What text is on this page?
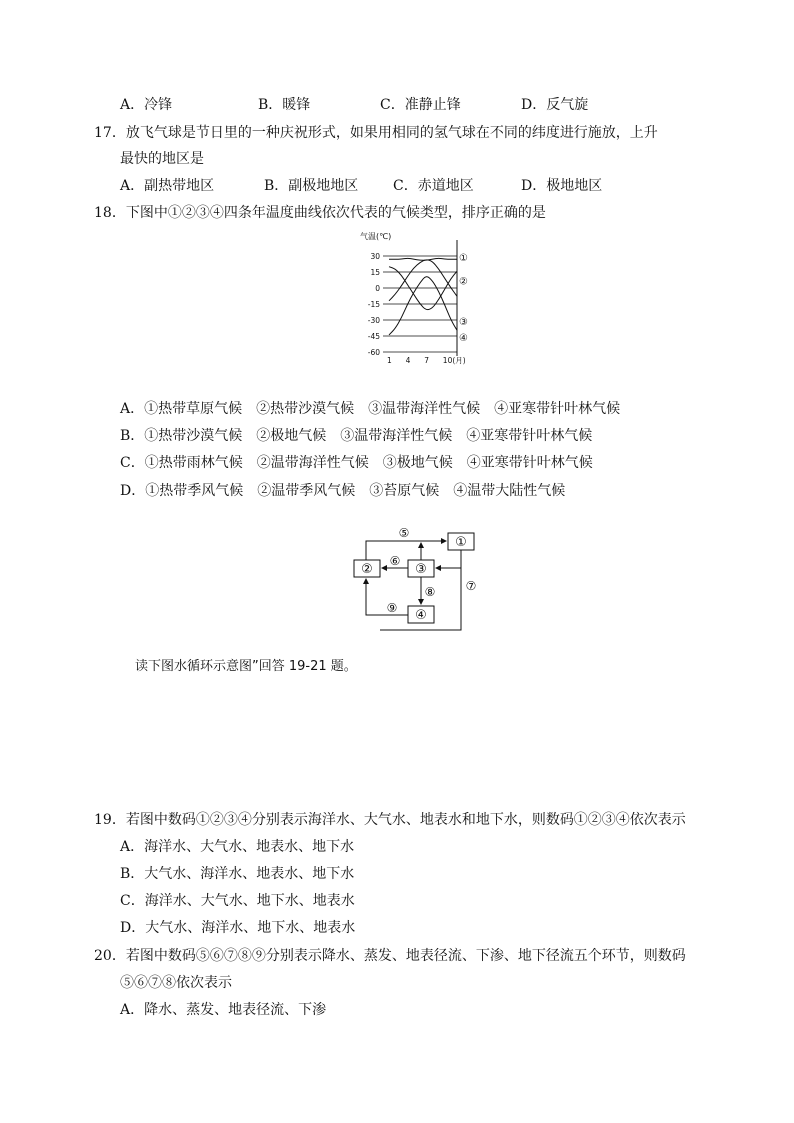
A．冷锋	B．暖锋	C．准静止锋	D．反气旋
17．放飞气球是节日里的一种庆祝形式，如果用相同的氢气球在不同的纬度进行施放，上升
最快的地区是
A．副热带地区	B．副极地地区 C．赤道地区	D．极地地区
18．下图中①②③④四条年温度曲线依次代表的气候类型，排序正确的是
气温(℃)
30
15
0
-15
-30
-45
-60
①
②
③
④
1 4 7 10(月)
A．①热带草原气候　②热带沙漠气候　③温带海洋性气候　④亚寒带针叶林气候
B．①热带沙漠气候　②极地气候　③温带海洋性气候　④亚寒带针叶林气候
C．①热带雨林气候　②温带海洋性气候　③极地气候　④亚寒带针叶林气候
D．①热带季风气候　②温带季风气候　③苔原气候　④温带大陆性气候
①
②	③
④
⑤
⑥
⑦
⑧
⑨
读下图水循环示意图”回答 19-21 题。
19．若图中数码①②③④分别表示海洋水、大气水、地表水和地下水，则数码①②③④依次表示
A．海洋水、大气水、地表水、地下水
B．大气水、海洋水、地表水、地下水
C．海洋水、大气水、地下水、地表水
D．大气水、海洋水、地下水、地表水
20．若图中数码⑤⑥⑦⑧⑨分别表示降水、蒸发、地表径流、下渗、地下径流五个环节，则数码
⑤⑥⑦⑧依次表示
A．降水、蒸发、地表径流、下渗
